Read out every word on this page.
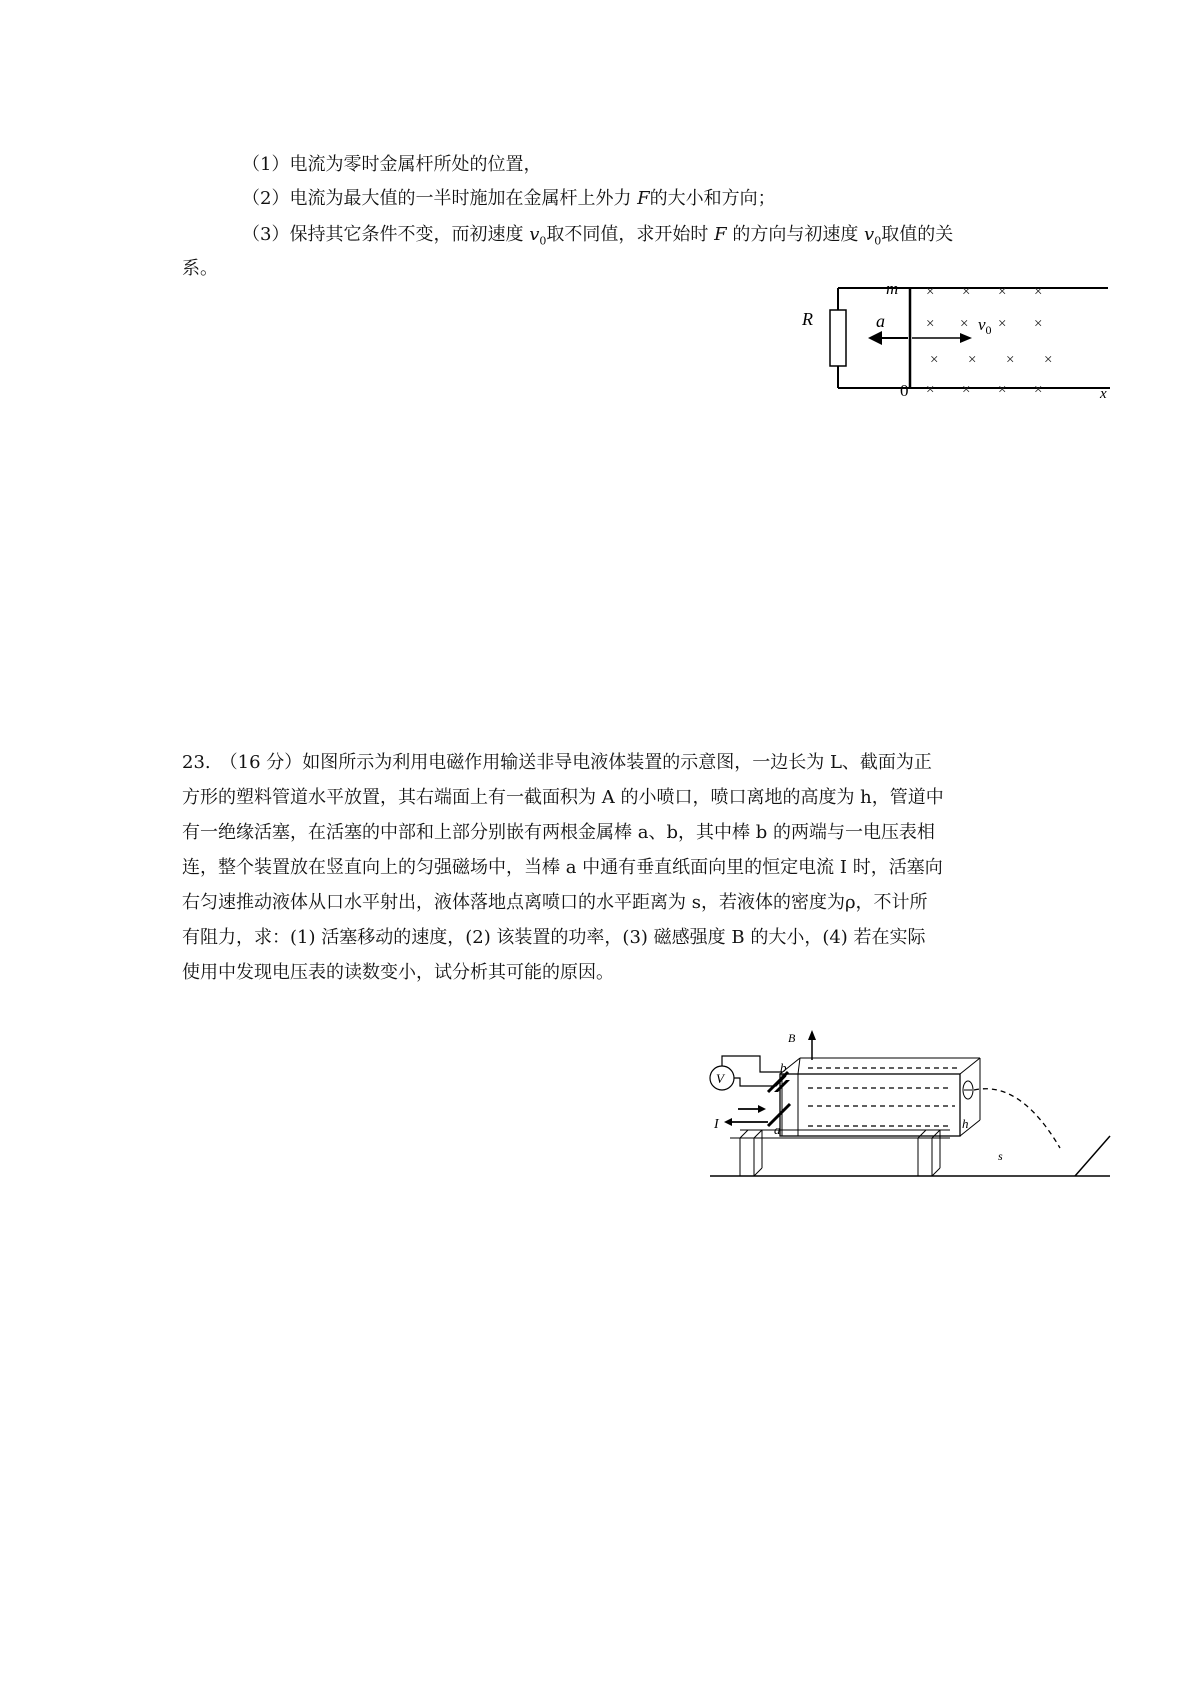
（1）电流为零时金属杆所处的位置，
（2）电流为最大值的一半时施加在金属杆上外力 F的大小和方向；
（3）保持其它条件不变，而初速度 $v_0$取不同值，求开始时 F 的方向与初速度 $v_0$取值的关
系。
R
m
a	$v_0$
0	x
× × × ×
× × × ×
× × × ×
× × × ×
23.　（16 分）如图所示为利用电磁作用输送非导电液体装置的示意图，一边长为 L、截面为正
方形的塑料管道水平放置，其右端面上有一截面积为 A 的小喷口，喷口离地的高度为 h，管道中
有一绝缘活塞，在活塞的中部和上部分别嵌有两根金属棒 a、b，其中棒 b 的两端与一电压表相
连，整个装置放在竖直向上的匀强磁场中，当棒 a 中通有垂直纸面向里的恒定电流 I 时，活塞向
右匀速推动液体从口水平射出，液体落地点离喷口的水平距离为 s，若液体的密度为ρ，不计所
有阻力，求：(1) 活塞移动的速度，(2) 该装置的功率，(3) 磁感强度 B 的大小，(4) 若在实际
使用中发现电压表的读数变小，试分析其可能的原因。
V
B
b
a
I	h
s
